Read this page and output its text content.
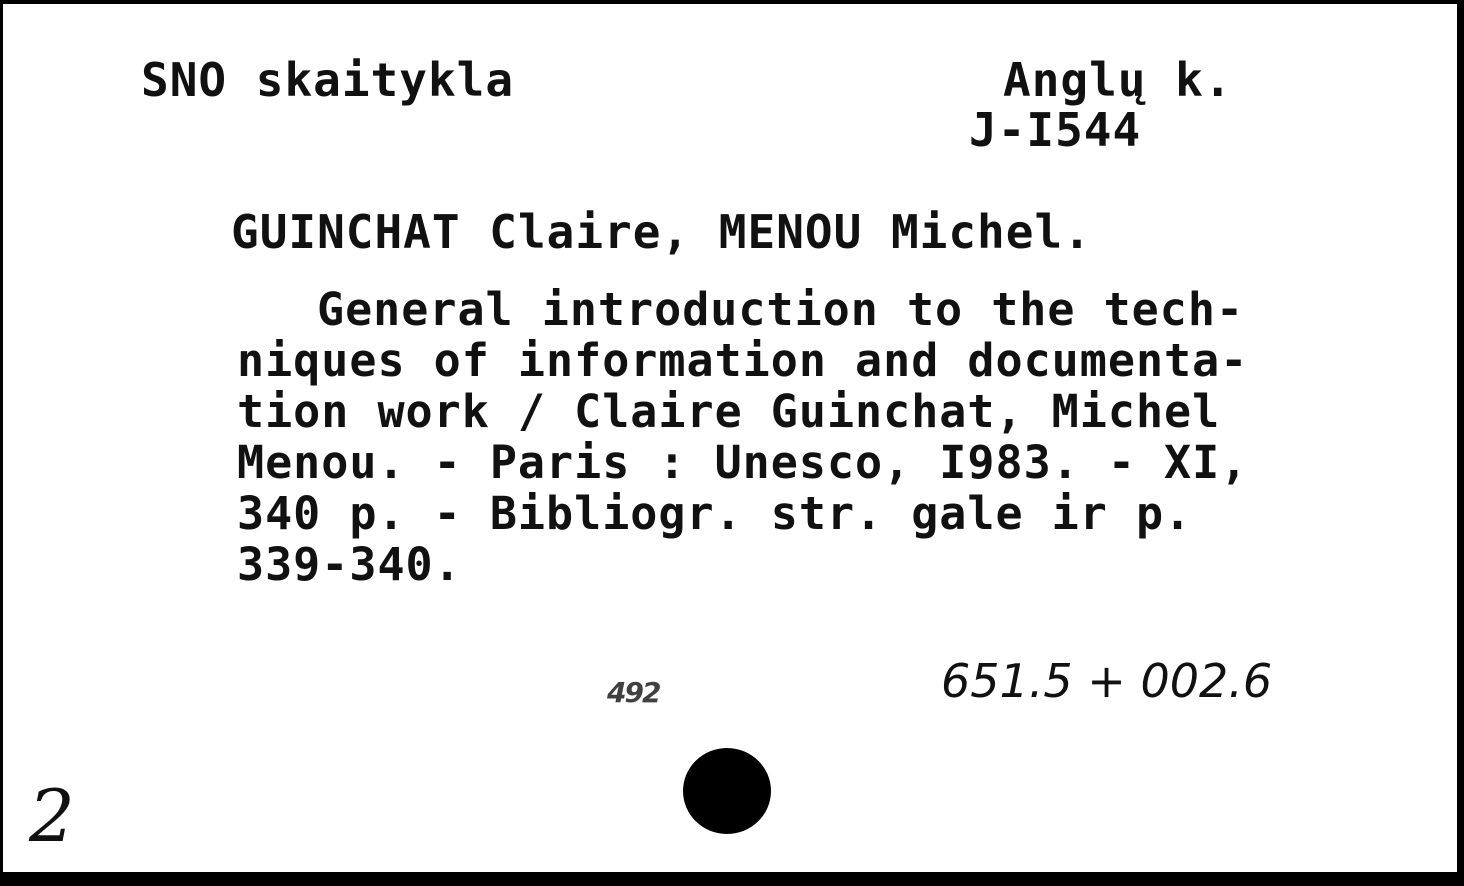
SNO skaitykla	Anglų k.
J-I544
GUINCHAT Claire, MENOU Michel.
General introduction to the tech-
niques of information and documenta-
tion work / Claire Guinchat, Michel
Menou. - Paris : Unesco, I983. - XI,
340 p. - Bibliogr. str. gale ir p.
339-340.
492	651.5 + 002.6
2
